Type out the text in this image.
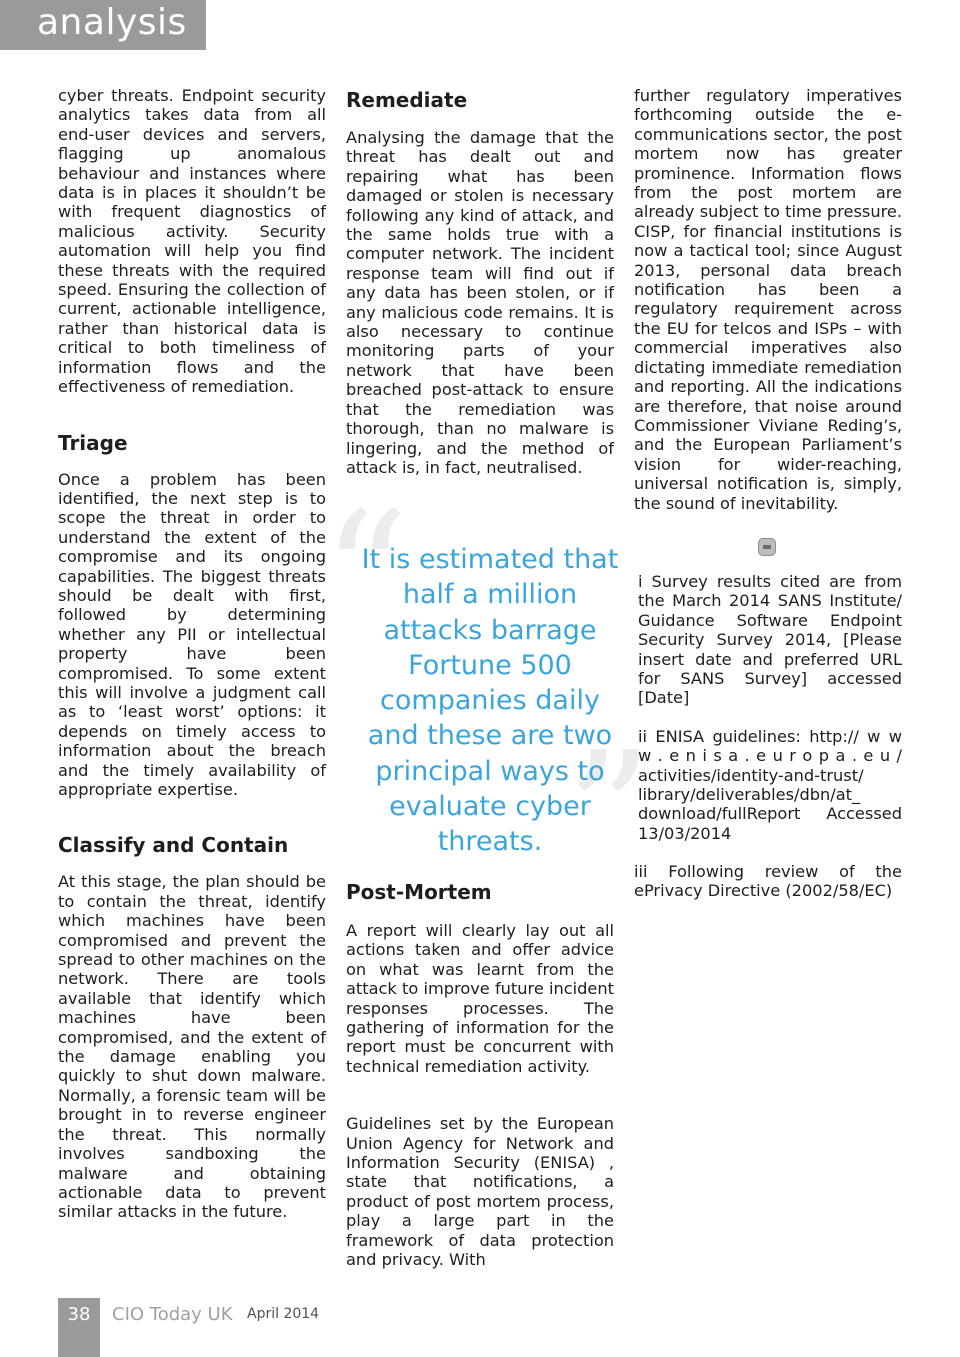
analysis

cyber threats. Endpoint security analytics takes data from all end-user devices and servers, flagging up anomalous behaviour and instances where data is in places it shouldn’t be with frequent diagnostics of malicious activity. Security automation will help you find these threats with the required speed. Ensuring the collection of current, actionable intelligence, rather than historical data is critical to both timeliness of information flows and the effectiveness of remediation.

Triage

Once a problem has been identified, the next step is to scope the threat in order to understand the extent of the compromise and its ongoing capabilities. The biggest threats should be dealt with first, followed by determining whether any PII or intellectual property have been compromised. To some extent this will involve a judgment call as to ‘least worst’ options: it depends on timely access to information about the breach and the timely availability of appropriate expertise.

Classify and Contain

At this stage, the plan should be to contain the threat, identify which machines have been compromised and prevent the spread to other machines on the network. There are tools available that identify which machines have been compromised, and the extent of the damage enabling you quickly to shut down malware. Normally, a forensic team will be brought in to reverse engineer the threat. This normally involves sandboxing the malware and obtaining actionable data to prevent similar attacks in the future.

Remediate

Analysing the damage that the threat has dealt out and repairing what has been damaged or stolen is necessary following any kind of attack, and the same holds true with a computer network. The incident response team will find out if any data has been stolen, or if any malicious code remains. It is also necessary to continue monitoring parts of your network that have been breached post-attack to ensure that the remediation was thorough, than no malware is lingering, and the method of attack is, in fact, neutralised.

“
”
It is estimated that half a million attacks barrage Fortune 500 companies daily and these are two principal ways to evaluate cyber threats.
Post-Mortem

A report will clearly lay out all actions taken and offer advice on what was learnt from the attack to improve future incident responses processes. The gathering of information for the report must be concurrent with technical remediation activity.

Guidelines set by the European Union Agency for Network and Information Security (ENISA) , state that notifications, a product of post mortem process, play a large part in the framework of data protection and privacy. With

further regulatory imperatives forthcoming outside the e-communications sector, the post mortem now has greater prominence. Information flows from the post mortem are already subject to time pressure. CISP, for financial institutions is now a tactical tool; since August 2013, personal data breach notification has been a regulatory requirement across the EU for telcos and ISPs – with commercial imperatives also dictating immediate remediation and reporting. All the indications are therefore, that noise around Commissioner Viviane Reding’s, and the European Parliament’s vision for wider-reaching, universal notification is, simply, the sound of inevitability.

i Survey results cited are from the March 2014 SANS Institute/ Guidance Software Endpoint Security Survey 2014, [Please insert date and preferred URL for SANS Survey] accessed [Date]

ii ENISA guidelines: http:// w w w . e n i s a . e u r o p a . e u / activities/identity-and-trust/ library/deliverables/dbn/at_ download/fullReport Accessed 13/03/2014

iii Following review of the ePrivacy Directive (2002/58/EC)

38	CIO Today UK April 2014
